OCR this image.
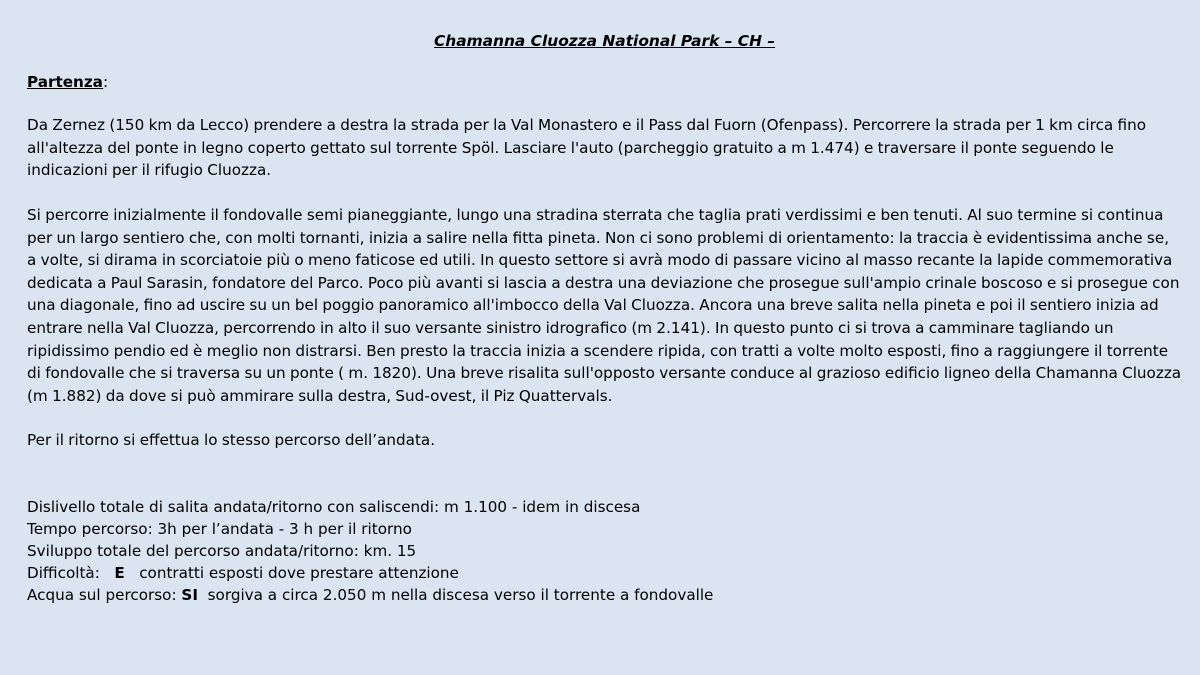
Chamanna Cluozza National Park – CH –
Partenza:

Da Zernez (150 km da Lecco) prendere a destra la strada per la Val Monastero e il Pass dal Fuorn (Ofenpass). Percorrere la strada per 1 km circa fino all'altezza del ponte in legno coperto gettato sul torrente Spöl. Lasciare l'auto (parcheggio gratuito a m 1.474) e traversare il ponte seguendo le indicazioni per il rifugio Cluozza.

Si percorre inizialmente il fondovalle semi pianeggiante, lungo una stradina sterrata che taglia prati verdissimi e ben tenuti. Al suo termine si continua per un largo sentiero che, con molti tornanti, inizia a salire nella fitta pineta. Non ci sono problemi di orientamento: la traccia è evidentissima anche se, a volte, si dirama in scorciatoie più o meno faticose ed utili. In questo settore si avrà modo di passare vicino al masso recante la lapide commemorativa dedicata a Paul Sarasin, fondatore del Parco. Poco più avanti si lascia a destra una deviazione che prosegue sull'ampio crinale boscoso e si prosegue con una diagonale, fino ad uscire su un bel poggio panoramico all'imbocco della Val Cluozza. Ancora una breve salita nella pineta e poi il sentiero inizia ad entrare nella Val Cluozza, percorrendo in alto il suo versante sinistro idrografico (m 2.141). In questo punto ci si trova a camminare tagliando un ripidissimo pendio ed è meglio non distrarsi. Ben presto la traccia inizia a scendere ripida, con tratti a volte molto esposti, fino a raggiungere il torrente di fondovalle che si traversa su un ponte ( m. 1820). Una breve risalita sull'opposto versante conduce al grazioso edificio ligneo della Chamanna Cluozza (m 1.882) da dove si può ammirare sulla destra, Sud-ovest, il Piz Quattervals.

Per il ritorno si effettua lo stesso percorso dell’andata.

Dislivello totale di salita andata/ritorno con saliscendi: m 1.100 - idem in discesa
Tempo percorso: 3h per l’andata - 3 h per il ritorno
Sviluppo totale del percorso andata/ritorno: km. 15
Difficoltà: E contratti esposti dove prestare attenzione
Acqua sul percorso: SI sorgiva a circa 2.050 m nella discesa verso il torrente a fondovalle
